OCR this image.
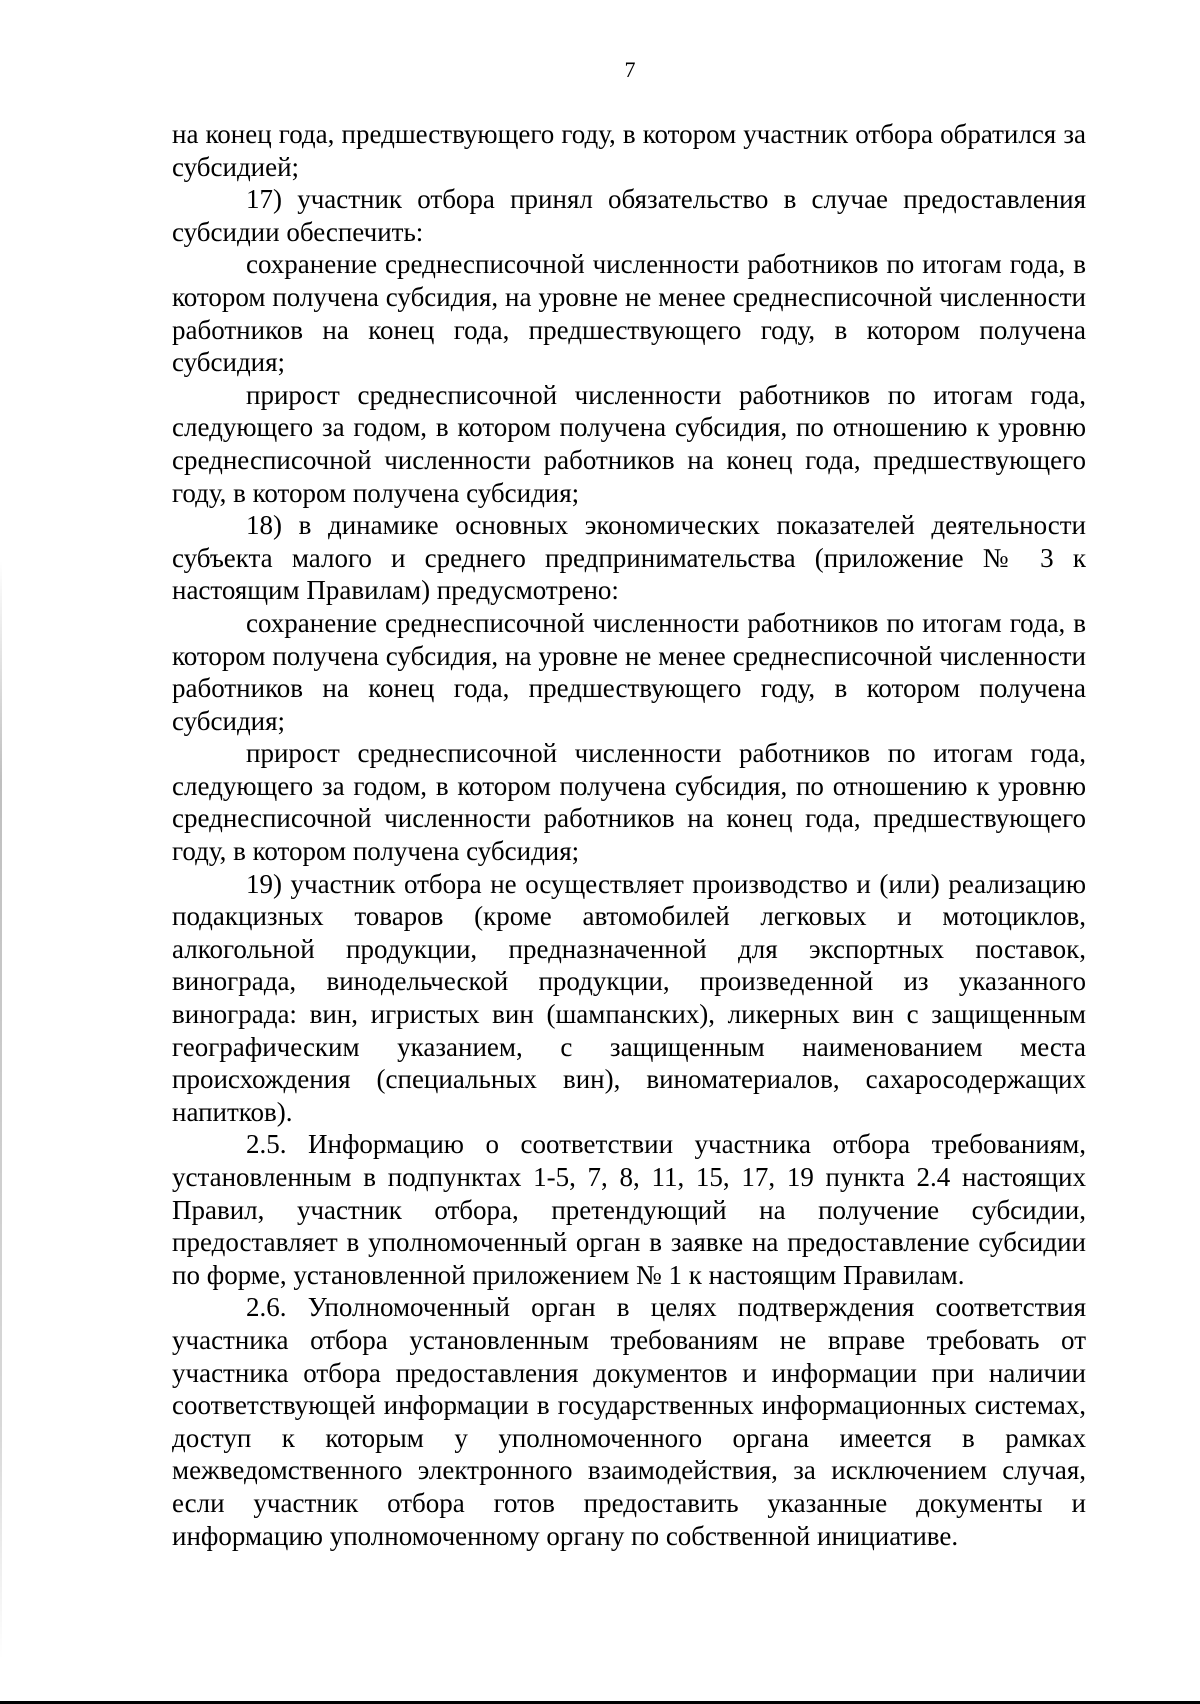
7

на конец года, предшествующего году, в котором участник отбора обратился за субсидией;

17) участник отбора принял обязательство в случае предоставления субсидии обеспечить:

сохранение среднесписочной численности работников по итогам года, в котором получена субсидия, на уровне не менее среднесписочной численности работников на конец года, предшествующего году, в котором получена субсидия;

прирост среднесписочной численности работников по итогам года, следующего за годом, в котором получена субсидия, по отношению к уровню среднесписочной численности работников на конец года, предшествующего году, в котором получена субсидия;

18) в динамике основных экономических показателей деятельности субъекта малого и среднего предпринимательства (приложение № 3 к настоящим Правилам) предусмотрено:

сохранение среднесписочной численности работников по итогам года, в котором получена субсидия, на уровне не менее среднесписочной численности работников на конец года, предшествующего году, в котором получена субсидия;

прирост среднесписочной численности работников по итогам года, следующего за годом, в котором получена субсидия, по отношению к уровню среднесписочной численности работников на конец года, предшествующего году, в котором получена субсидия;

19) участник отбора не осуществляет производство и (или) реализацию подакцизных товаров (кроме автомобилей легковых и мотоциклов, алкогольной продукции, предназначенной для экспортных поставок, винограда, винодельческой продукции, произведенной из указанного винограда: вин, игристых вин (шампанских), ликерных вин с защищенным географическим указанием, с защищенным наименованием места происхождения (специальных вин), виноматериалов, сахаросодержащих напитков).

2.5. Информацию о соответствии участника отбора требованиям, установленным в подпунктах 1-5, 7, 8, 11, 15, 17, 19 пункта 2.4 настоящих Правил, участник отбора, претендующий на получение субсидии, предоставляет в уполномоченный орган в заявке на предоставление субсидии по форме, установленной приложением № 1 к настоящим Правилам.

2.6. Уполномоченный орган в целях подтверждения соответствия участника отбора установленным требованиям не вправе требовать от участника отбора предоставления документов и информации при наличии соответствующей информации в государственных информационных системах, доступ к которым у уполномоченного органа имеется в рамках межведомственного электронного взаимодействия, за исключением случая, если участник отбора готов предоставить указанные документы и информацию уполномоченному органу по собственной инициативе.
